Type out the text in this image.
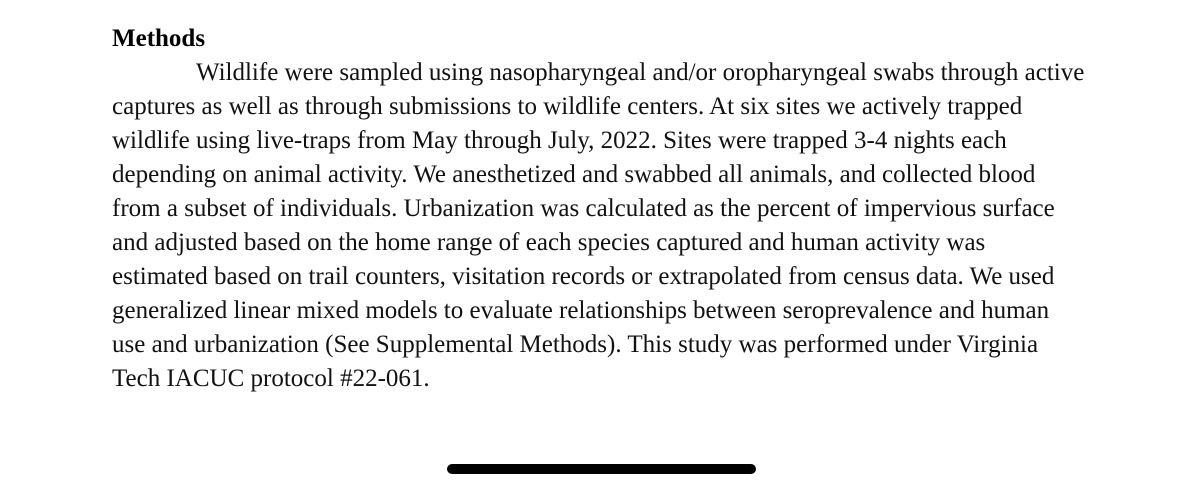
Methods
Wildlife were sampled using nasopharyngeal and/or oropharyngeal swabs through active
captures as well as through submissions to wildlife centers. At six sites we actively trapped
wildlife using live-traps from May through July, 2022. Sites were trapped 3-4 nights each
depending on animal activity. We anesthetized and swabbed all animals, and collected blood
from a subset of individuals. Urbanization was calculated as the percent of impervious surface
and adjusted based on the home range of each species captured and human activity was
estimated based on trail counters, visitation records or extrapolated from census data. We used
generalized linear mixed models to evaluate relationships between seroprevalence and human
use and urbanization (See Supplemental Methods). This study was performed under Virginia
Tech IACUC protocol #22-061.
